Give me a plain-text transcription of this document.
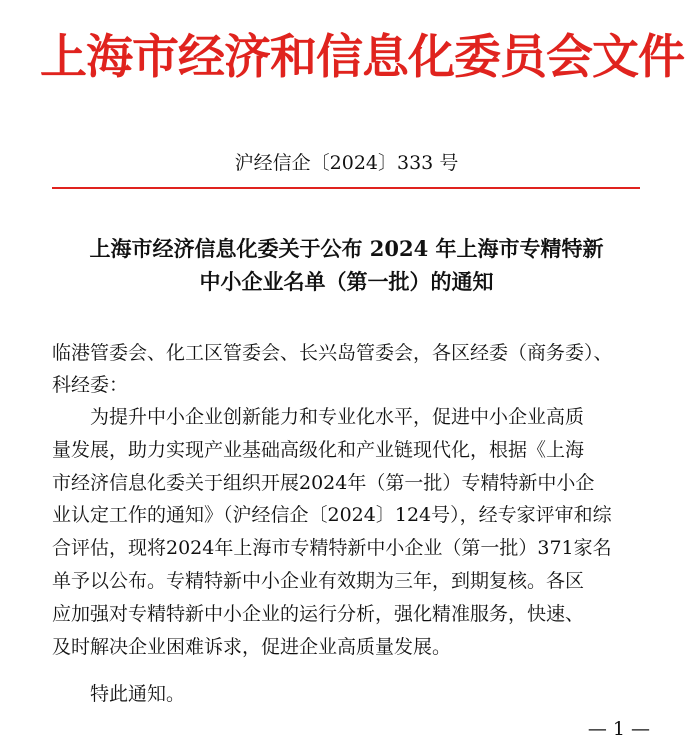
上海市经济和信息化委员会文件
沪经信企〔2024〕333 号
上海市经济信息化委关于公布 2024 年上海市专精特新
中小企业名单（第一批）的通知
临港管委会、化工区管委会、长兴岛管委会，各区经委（商务委）、
科经委：
为提升中小企业创新能力和专业化水平，促进中小企业高质
量发展，助力实现产业基础高级化和产业链现代化，根据《上海
市经济信息化委关于组织开展2024年（第一批）专精特新中小企
业认定工作的通知》（沪经信企〔2024〕124号），经专家评审和综
合评估，现将2024年上海市专精特新中小企业（第一批）371家名
单予以公布。专精特新中小企业有效期为三年，到期复核。各区
应加强对专精特新中小企业的运行分析，强化精准服务，快速、
及时解决企业困难诉求，促进企业高质量发展。
特此通知。
— 1 —
